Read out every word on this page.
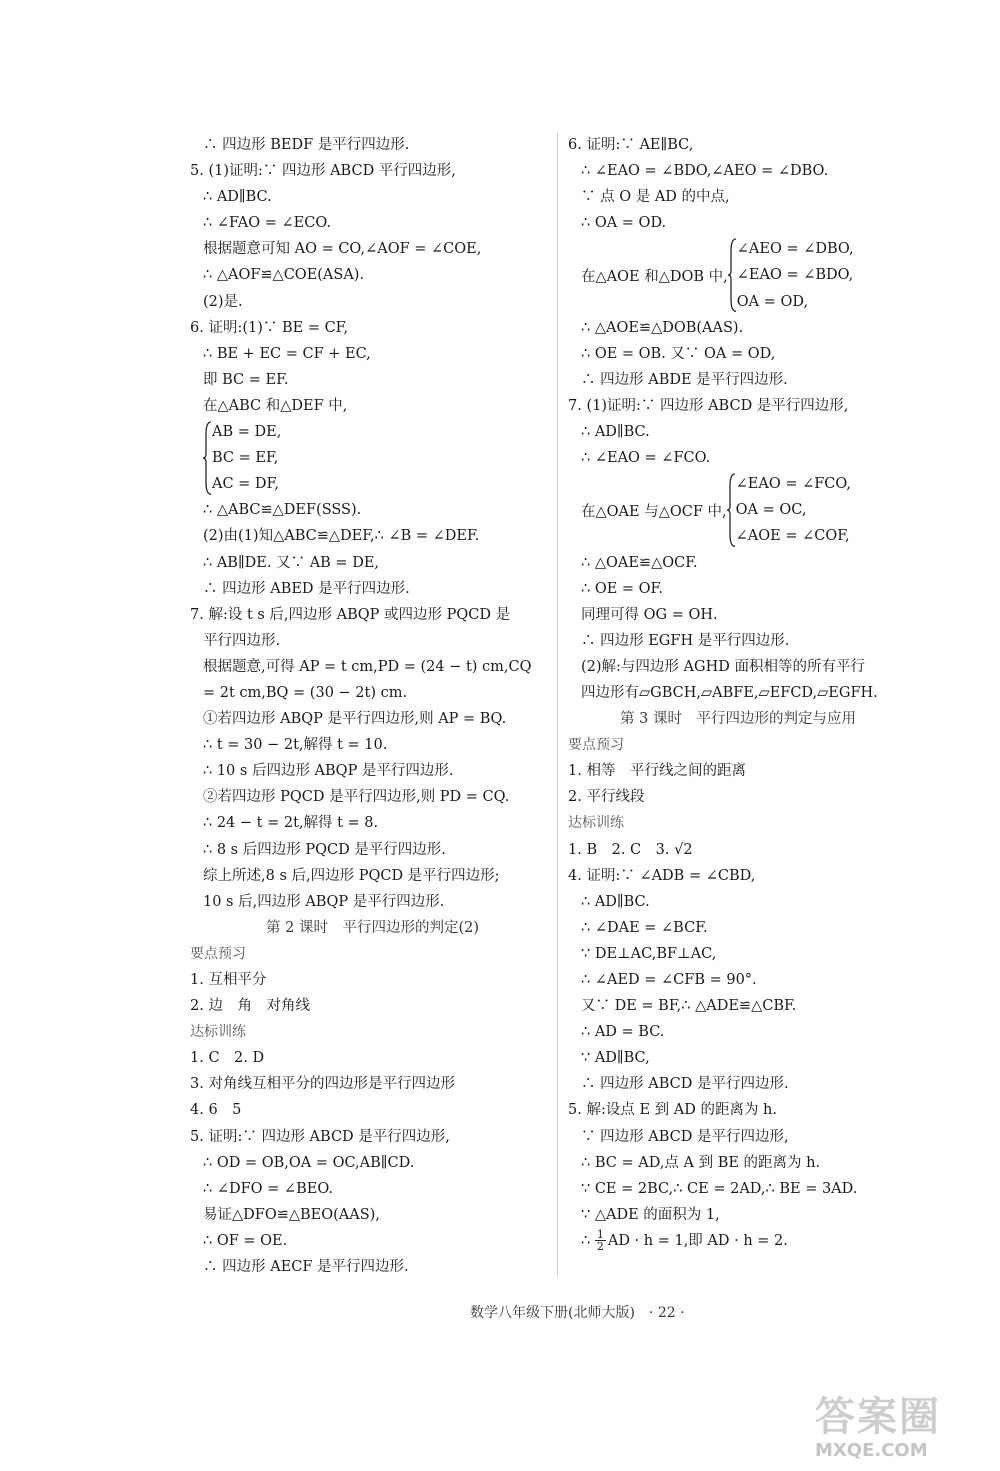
∴ 四边形 BEDF 是平行四边形.
5. (1)证明:∵ 四边形 ABCD 平行四边形,
∴ AD∥BC.
∴ ∠FAO = ∠ECO.
根据题意可知 AO = CO,∠AOF = ∠COE,
∴ △AOF≌△COE(ASA).
(2)是.
6. 证明:(1)∵ BE = CF,
∴ BE + EC = CF + EC,
即 BC = EF.
在△ABC 和△DEF 中,
AB = DE,
BC = EF,
AC = DF,
∴ △ABC≌△DEF(SSS).
(2)由(1)知△ABC≌△DEF,∴ ∠B = ∠DEF.
∴ AB∥DE. 又∵ AB = DE,
∴ 四边形 ABED 是平行四边形.
7. 解:设 t s 后,四边形 ABQP 或四边形 PQCD 是
平行四边形.
根据题意,可得 AP = t cm,PD = (24 − t) cm,CQ
= 2t cm,BQ = (30 − 2t) cm.
①若四边形 ABQP 是平行四边形,则 AP = BQ.
∴ t = 30 − 2t,解得 t = 10.
∴ 10 s 后四边形 ABQP 是平行四边形.
②若四边形 PQCD 是平行四边形,则 PD = CQ.
∴ 24 − t = 2t,解得 t = 8.
∴ 8 s 后四边形 PQCD 是平行四边形.
综上所述,8 s 后,四边形 PQCD 是平行四边形;
10 s 后,四边形 ABQP 是平行四边形.
第 2 课时　平行四边形的判定(2)
要点预习
1. 互相平分
2. 边　角　对角线
达标训练
1. C　2. D
3. 对角线互相平分的四边形是平行四边形
4. 6　5
5. 证明:∵ 四边形 ABCD 是平行四边形,
∴ OD = OB,OA = OC,AB∥CD.
∴ ∠DFO = ∠BEO.
易证△DFO≌△BEO(AAS),
∴ OF = OE.
∴ 四边形 AECF 是平行四边形.
6. 证明:∵ AE∥BC,
∴ ∠EAO = ∠BDO,∠AEO = ∠DBO.
∵ 点 O 是 AD 的中点,
∴ OA = OD.
在△AOE 和△DOB 中,
∠AEO = ∠DBO,
∠EAO = ∠BDO,
OA = OD,
∴ △AOE≌△DOB(AAS).
∴ OE = OB. 又∵ OA = OD,
∴ 四边形 ABDE 是平行四边形.
7. (1)证明:∵ 四边形 ABCD 是平行四边形,
∴ AD∥BC.
∴ ∠EAO = ∠FCO.
在△OAE 与△OCF 中,
∠EAO = ∠FCO,
OA = OC,
∠AOE = ∠COF,
∴ △OAE≌△OCF.
∴ OE = OF.
同理可得 OG = OH.
∴ 四边形 EGFH 是平行四边形.
(2)解:与四边形 AGHD 面积相等的所有平行
四边形有▱GBCH,▱ABFE,▱EFCD,▱EGFH.
第 3 课时　平行四边形的判定与应用
要点预习
1. 相等　平行线之间的距离
2. 平行线段
达标训练
1. B　2. C　3. √2
4. 证明:∵ ∠ADB = ∠CBD,
∴ AD∥BC.
∴ ∠DAE = ∠BCF.
∵ DE⊥AC,BF⊥AC,
∴ ∠AED = ∠CFB = 90°.
又∵ DE = BF,∴ △ADE≌△CBF.
∴ AD = BC.
∵ AD∥BC,
∴ 四边形 ABCD 是平行四边形.
5. 解:设点 E 到 AD 的距离为 h.
∵ 四边形 ABCD 是平行四边形,
∴ BC = AD,点 A 到 BE 的距离为 h.
∵ CE = 2BC,∴ CE = 2AD,∴ BE = 3AD.
∵ △ADE 的面积为 1,
∴ $\frac{1}{2}$ AD · h = 1,即 AD · h = 2.
数学八年级下册(北师大版)　· 22 ·
答案圈
MXQE.COM
